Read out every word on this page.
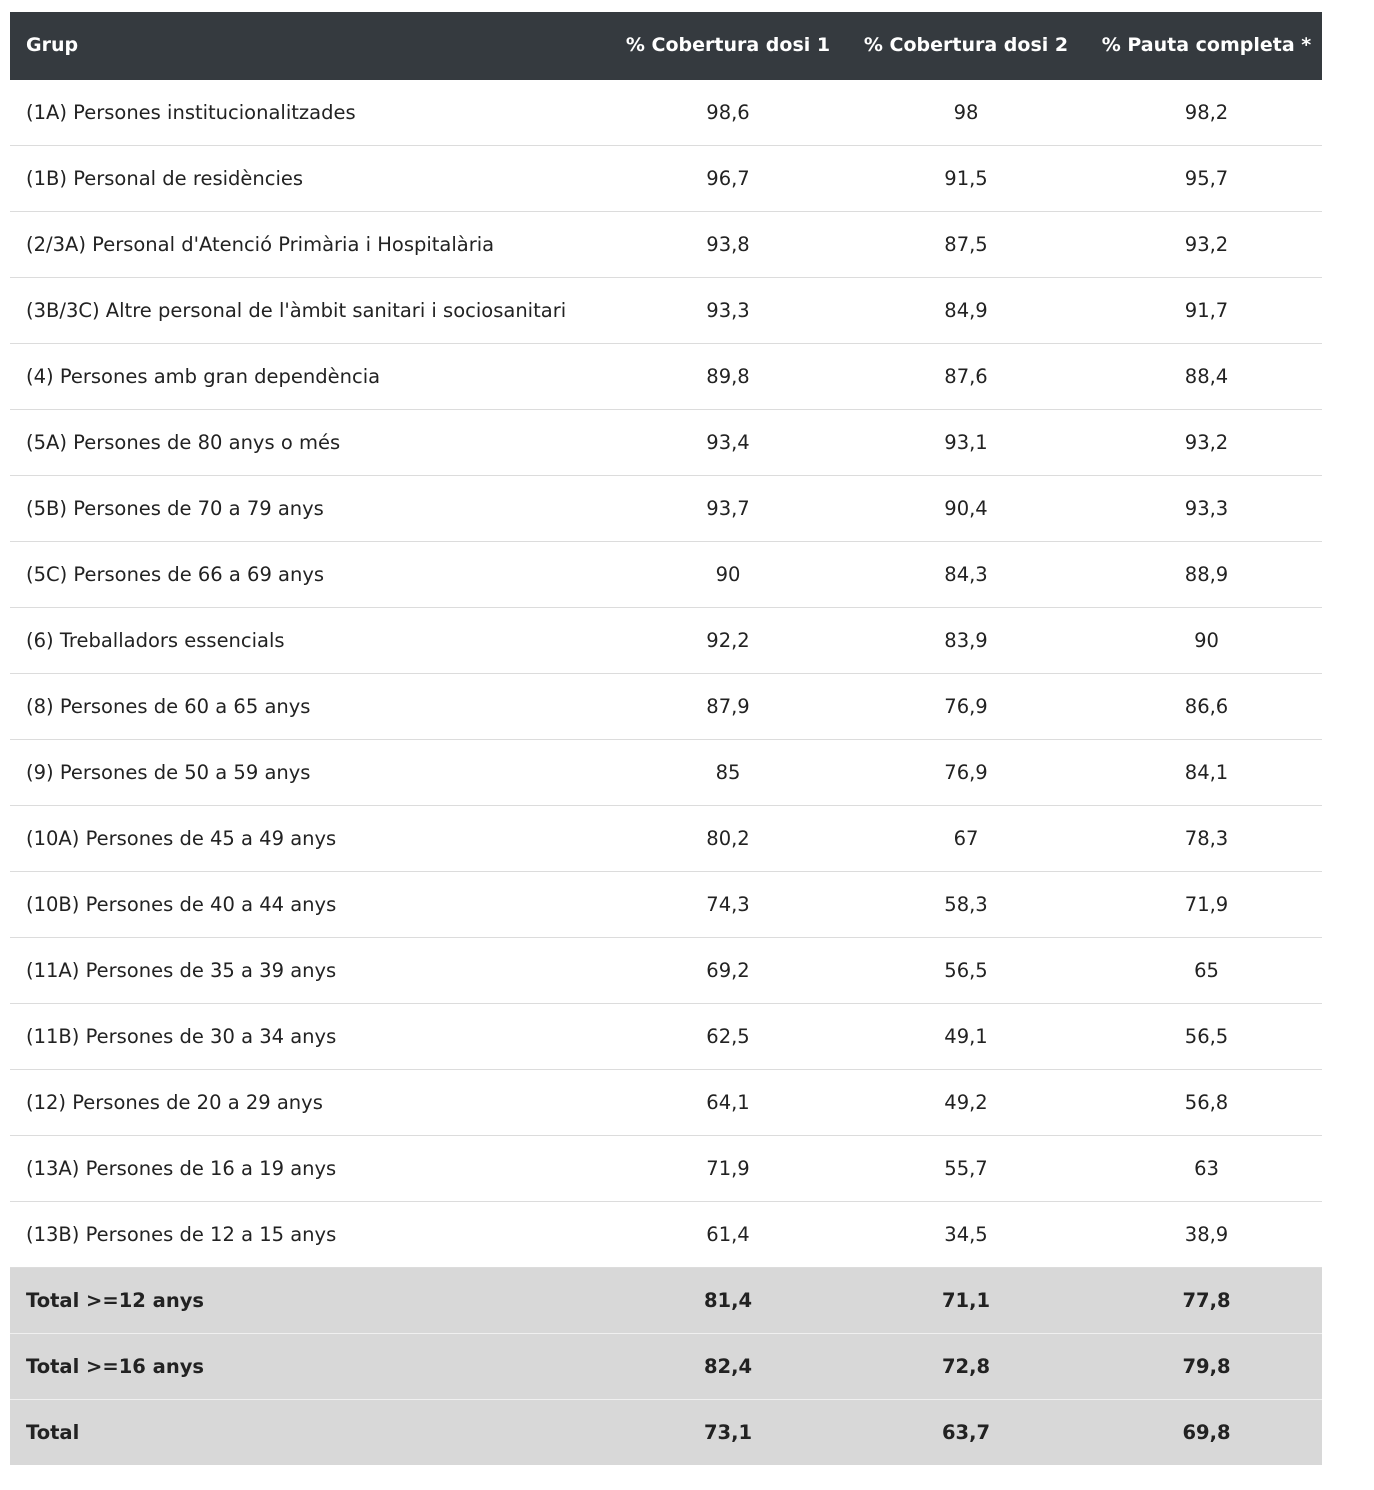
Grup	% Cobertura dosi 1	% Cobertura dosi 2	% Pauta completa *
(1A) Persones institucionalitzades	98,6	98	98,2
(1B) Personal de residències	96,7	91,5	95,7
(2/3A) Personal d'Atenció Primària i Hospitalària	93,8	87,5	93,2
(3B/3C) Altre personal de l'àmbit sanitari i sociosanitari	93,3	84,9	91,7
(4) Persones amb gran dependència	89,8	87,6	88,4
(5A) Persones de 80 anys o més	93,4	93,1	93,2
(5B) Persones de 70 a 79 anys	93,7	90,4	93,3
(5C) Persones de 66 a 69 anys	90	84,3	88,9
(6) Treballadors essencials	92,2	83,9	90
(8) Persones de 60 a 65 anys	87,9	76,9	86,6
(9) Persones de 50 a 59 anys	85	76,9	84,1
(10A) Persones de 45 a 49 anys	80,2	67	78,3
(10B) Persones de 40 a 44 anys	74,3	58,3	71,9
(11A) Persones de 35 a 39 anys	69,2	56,5	65
(11B) Persones de 30 a 34 anys	62,5	49,1	56,5
(12) Persones de 20 a 29 anys	64,1	49,2	56,8
(13A) Persones de 16 a 19 anys	71,9	55,7	63
(13B) Persones de 12 a 15 anys	61,4	34,5	38,9
Total >=12 anys	81,4	71,1	77,8
Total >=16 anys	82,4	72,8	79,8
Total	73,1	63,7	69,8
